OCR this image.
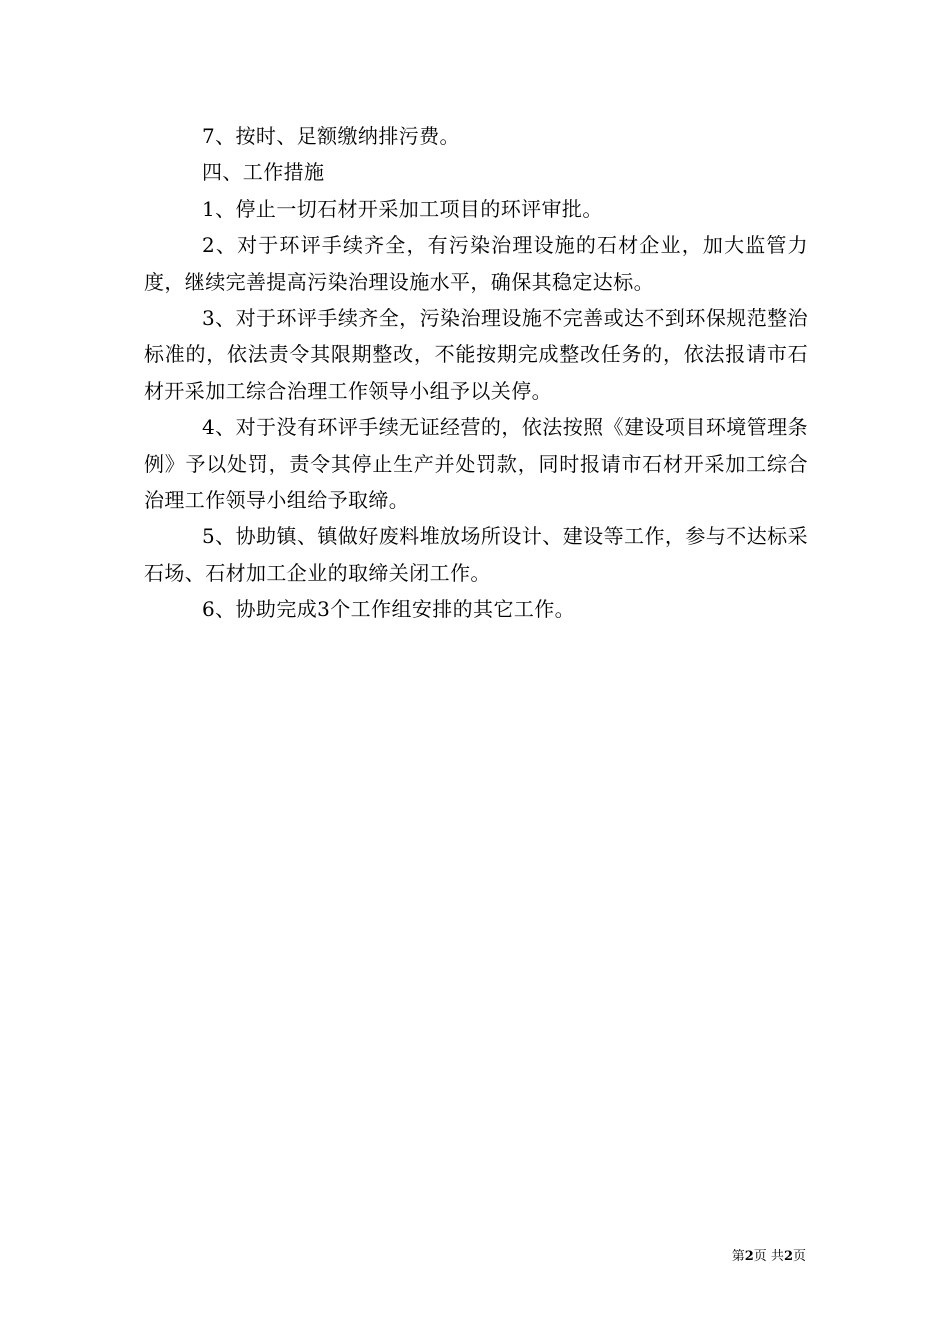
7、按时、足额缴纳排污费。

四、工作措施

1、停止一切石材开采加工项目的环评审批。

2、对于环评手续齐全，有污染治理设施的石材企业，加大监管力度，继续完善提高污染治理设施水平，确保其稳定达标。

3、对于环评手续齐全，污染治理设施不完善或达不到环保规范整治标准的，依法责令其限期整改，不能按期完成整改任务的，依法报请市石材开采加工综合治理工作领导小组予以关停。

4、对于没有环评手续无证经营的，依法按照《建设项目环境管理条例》予以处罚，责令其停止生产并处罚款，同时报请市石材开采加工综合治理工作领导小组给予取缔。

5、协助镇、镇做好废料堆放场所设计、建设等工作，参与不达标采石场、石材加工企业的取缔关闭工作。

6、协助完成3个工作组安排的其它工作。

第2页 共2页
